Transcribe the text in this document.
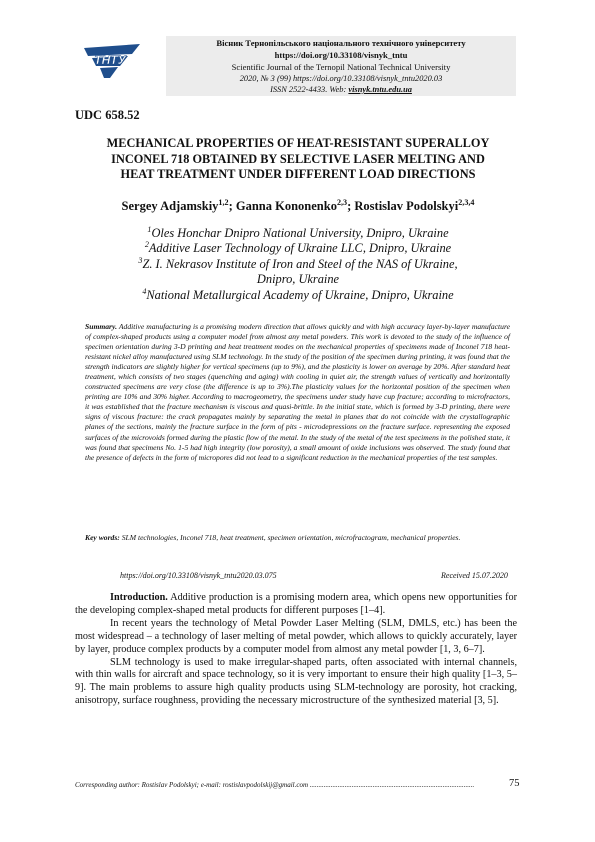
ТНТУ
Вісник Тернопільського національного технічного університету
https://doi.org/10.33108/visnyk_tntu
Scientific Journal of the Ternopil National Technical University
2020, № 3 (99) https://doi.org/10.33108/visnyk_tntu2020.03
ISSN 2522-4433. Web: visnyk.tntu.edu.ua
UDC 658.52
MECHANICAL PROPERTIES OF HEAT-RESISTANT SUPERALLOY
INCONEL 718 OBTAINED BY SELECTIVE LASER MELTING AND
HEAT TREATMENT UNDER DIFFERENT LOAD DIRECTIONS
Sergey Adjamskiy$^{1,2}$; Ganna Kononenko$^{2,3}$; Rostislav Podolskyi$^{2,3,4}$
$^1$Oles Honchar Dnipro National University, Dnipro, Ukraine
$^2$Additive Laser Technology of Ukraine LLC, Dnipro, Ukraine
$^3$Z. I. Nekrasov Institute of Iron and Steel of the NAS of Ukraine,
Dnipro, Ukraine
$^4$National Metallurgical Academy of Ukraine, Dnipro, Ukraine
Summary. Additive manufacturing is a promising modern direction that allows quickly and with high accuracy layer-by-layer manufacture of complex-shaped products using a computer model from almost any metal powders. This work is devoted to the study of the influence of specimen orientation during 3-D printing and heat treatment modes on the mechanical properties of specimens made of Inconel 718 heat-resistant nickel alloy manufactured using SLM technology. In the study of the position of the specimen during printing, it was found that the strength indicators are slightly higher for vertical specimens (up to 9%), and the plasticity is lower on average by 20%. After standard heat treatment, which consists of two stages (quenching and aging) with cooling in quiet air, the strength values of vertically and horizontally constructed specimens are very close (the difference is up to 3%).The plasticity values for the horizontal position of the specimen when printing are 10% and 30% higher. According to macrogeometry, the specimens under study have cup fracture; according to microfractors, it was established that the fracture mechanism is viscous and quasi-brittle. In the initial state, which is formed by 3-D printing, there were signs of viscous fracture: the crack propagates mainly by separating the metal in planes that do not coincide with the crystallographic planes of the sections, mainly the fracture surface in the form of pits - microdepressions on the fracture surface. representing the exposed surfaces of the microvoids formed during the plastic flow of the metal. In the study of the metal of the test specimens in the polished state, it was found that specimens No. 1-5 had high integrity (low porosity), a small amount of oxide inclusions was observed. The study found that the presence of defects in the form of micropores did not lead to a significant reduction in the mechanical properties of the test samples.
Key words: SLM technologies, Inconel 718, heat treatment, specimen orientation, microfractogram, mechanical properties.
https://doi.org/10.33108/visnyk_tntu2020.03.075	Received 15.07.2020

Introduction. Additive production is a promising modern area, which opens new opportunities for the developing complex-shaped metal products for different purposes [1–4].

In recent years the technology of Metal Powder Laser Melting (SLM, DMLS, etc.) has been the most widespread – a technology of laser melting of metal powder, which allows to quickly accurately, layer by layer, produce complex products by a computer model from almost any metal powder [1, 3, 6–7].

SLM technology is used to make irregular-shaped parts, often associated with internal channels, with thin walls for aircraft and space technology, so it is very important to ensure their high quality [1–3, 5–9]. The main problems to assure high quality products using SLM-technology are porosity, hot cracking, anisotropy, surface roughness, providing the necessary microstructure of the synthesized material [3, 5].

Corresponding author: Rostislav Podolskyi; e-mail: rostislavpodolskij@gmail.com ..............................................................................................	75
